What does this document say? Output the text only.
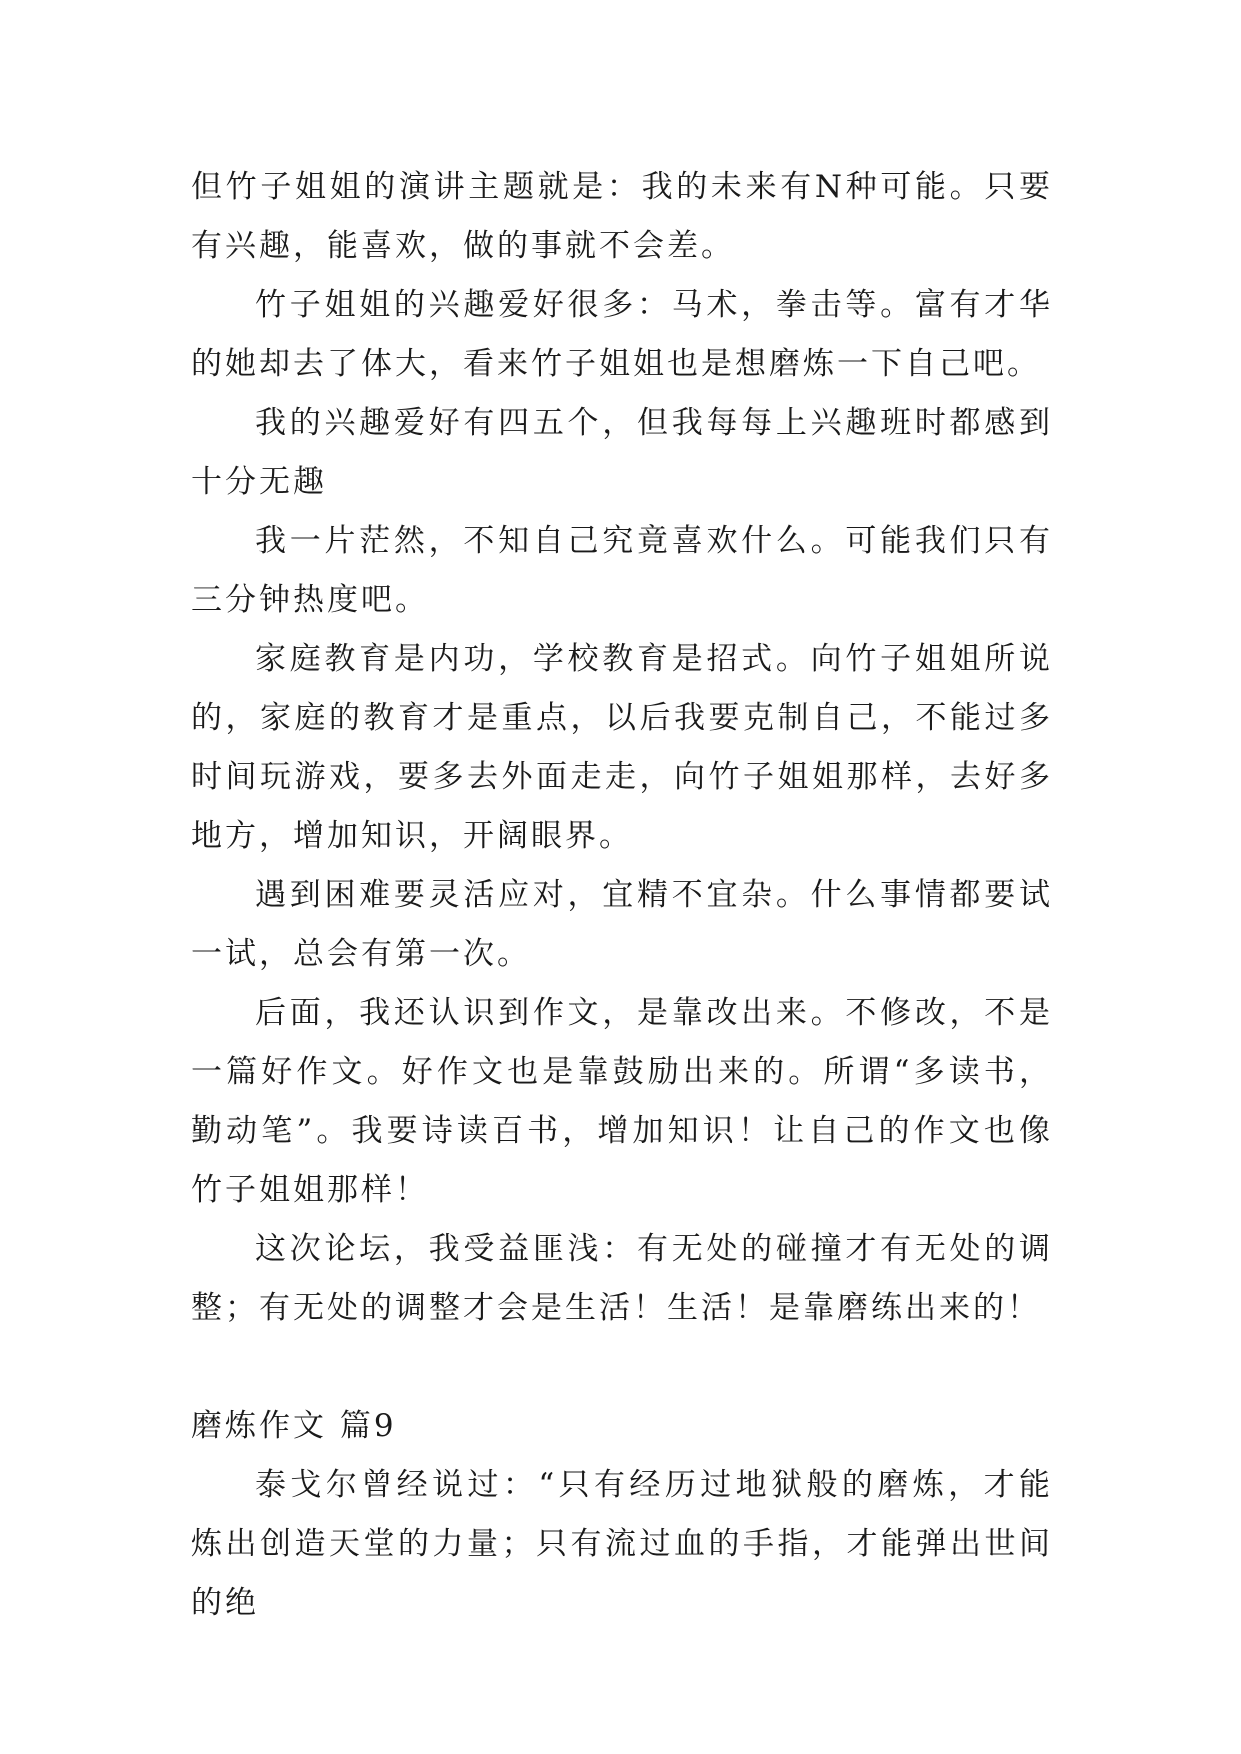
但竹子姐姐的演讲主题就是：我的未来有N种可能。只要有兴趣，能喜欢，做的事就不会差。

竹子姐姐的兴趣爱好很多：马术，拳击等。富有才华的她却去了体大，看来竹子姐姐也是想磨炼一下自己吧。

我的兴趣爱好有四五个，但我每每上兴趣班时都感到十分无趣

我一片茫然，不知自己究竟喜欢什么。可能我们只有三分钟热度吧。

家庭教育是内功，学校教育是招式。向竹子姐姐所说的，家庭的教育才是重点，以后我要克制自己，不能过多时间玩游戏，要多去外面走走，向竹子姐姐那样，去好多地方，增加知识，开阔眼界。

遇到困难要灵活应对，宜精不宜杂。什么事情都要试一试，总会有第一次。

后面，我还认识到作文，是靠改出来。不修改，不是一篇好作文。好作文也是靠鼓励出来的。所谓“多读书，勤动笔”。我要诗读百书，增加知识！让自己的作文也像竹子姐姐那样！

这次论坛，我受益匪浅：有无处的碰撞才有无处的调整；有无处的调整才会是生活！生活！是靠磨练出来的！

磨炼作文 篇9

泰戈尔曾经说过：“只有经历过地狱般的磨炼，才能炼出创造天堂的力量；只有流过血的手指，才能弹出世间的绝
